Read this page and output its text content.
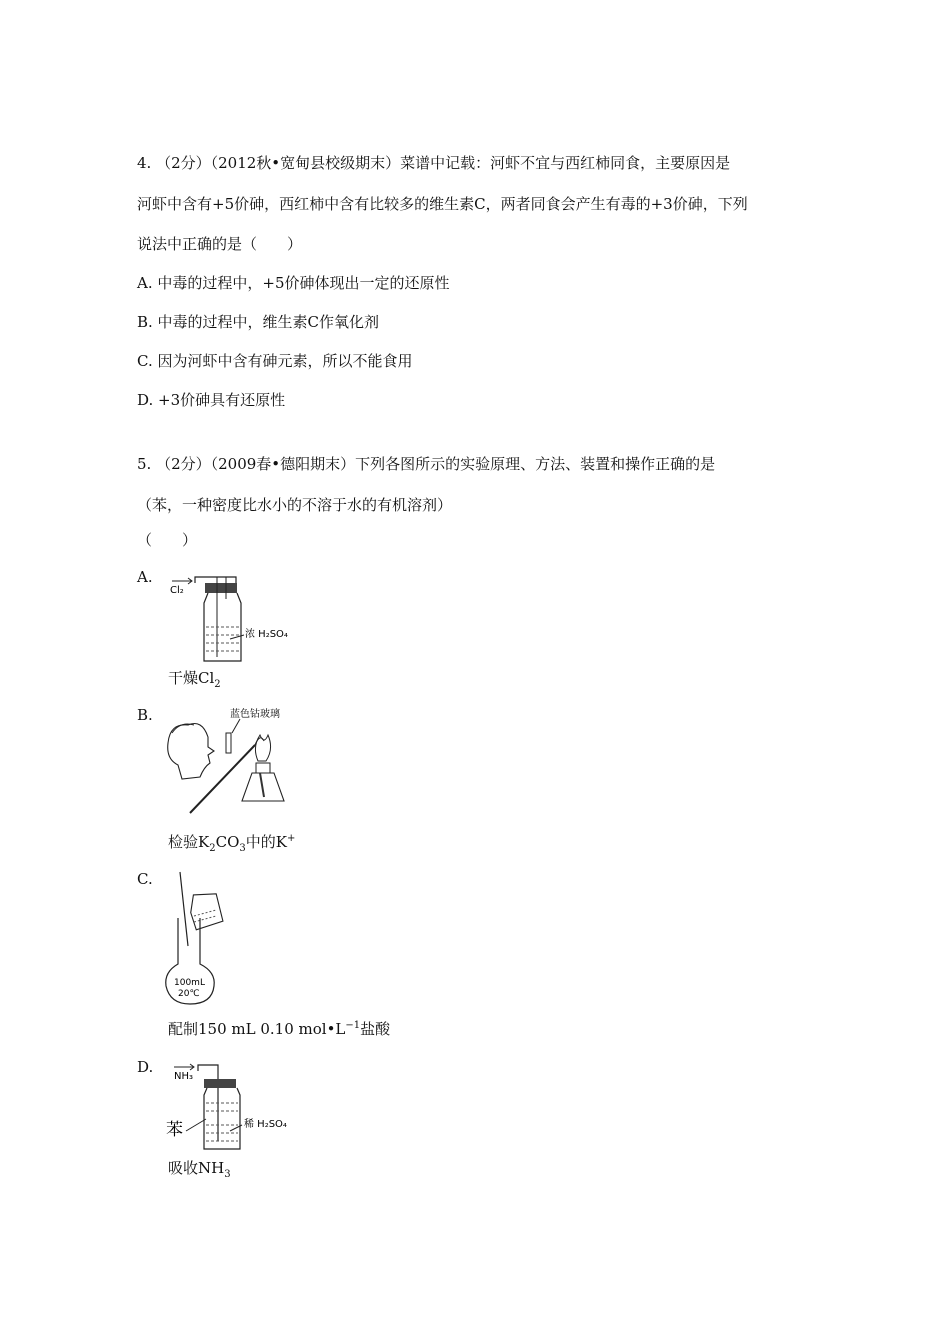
4. （2分）（2012秋•宽甸县校级期末）菜谱中记载：河虾不宜与西红柿同食，主要原因是
河虾中含有+5价砷，西红柿中含有比较多的维生素C，两者同食会产生有毒的+3价砷，下列
说法中正确的是（　　）
A. 中毒的过程中，+5价砷体现出一定的还原性
B. 中毒的过程中，维生素C作氧化剂
C. 因为河虾中含有砷元素，所以不能食用
D. +3价砷具有还原性
5. （2分）（2009春•德阳期末）下列各图所示的实验原理、方法、装置和操作正确的是
（苯，一种密度比水小的不溶于水的有机溶剂）
（　　）
A.
Cl₂
浓 H₂SO₄
干燥$Cl_2$
B.	蓝色钴玻璃
检验$K_2CO_3$中的K+
C.
100mL
20℃
配制150 mL 0.10 $mol•L^{-1}$盐酸
D.
NH₃
苯	稀 H₂SO₄
吸收$NH_3$
